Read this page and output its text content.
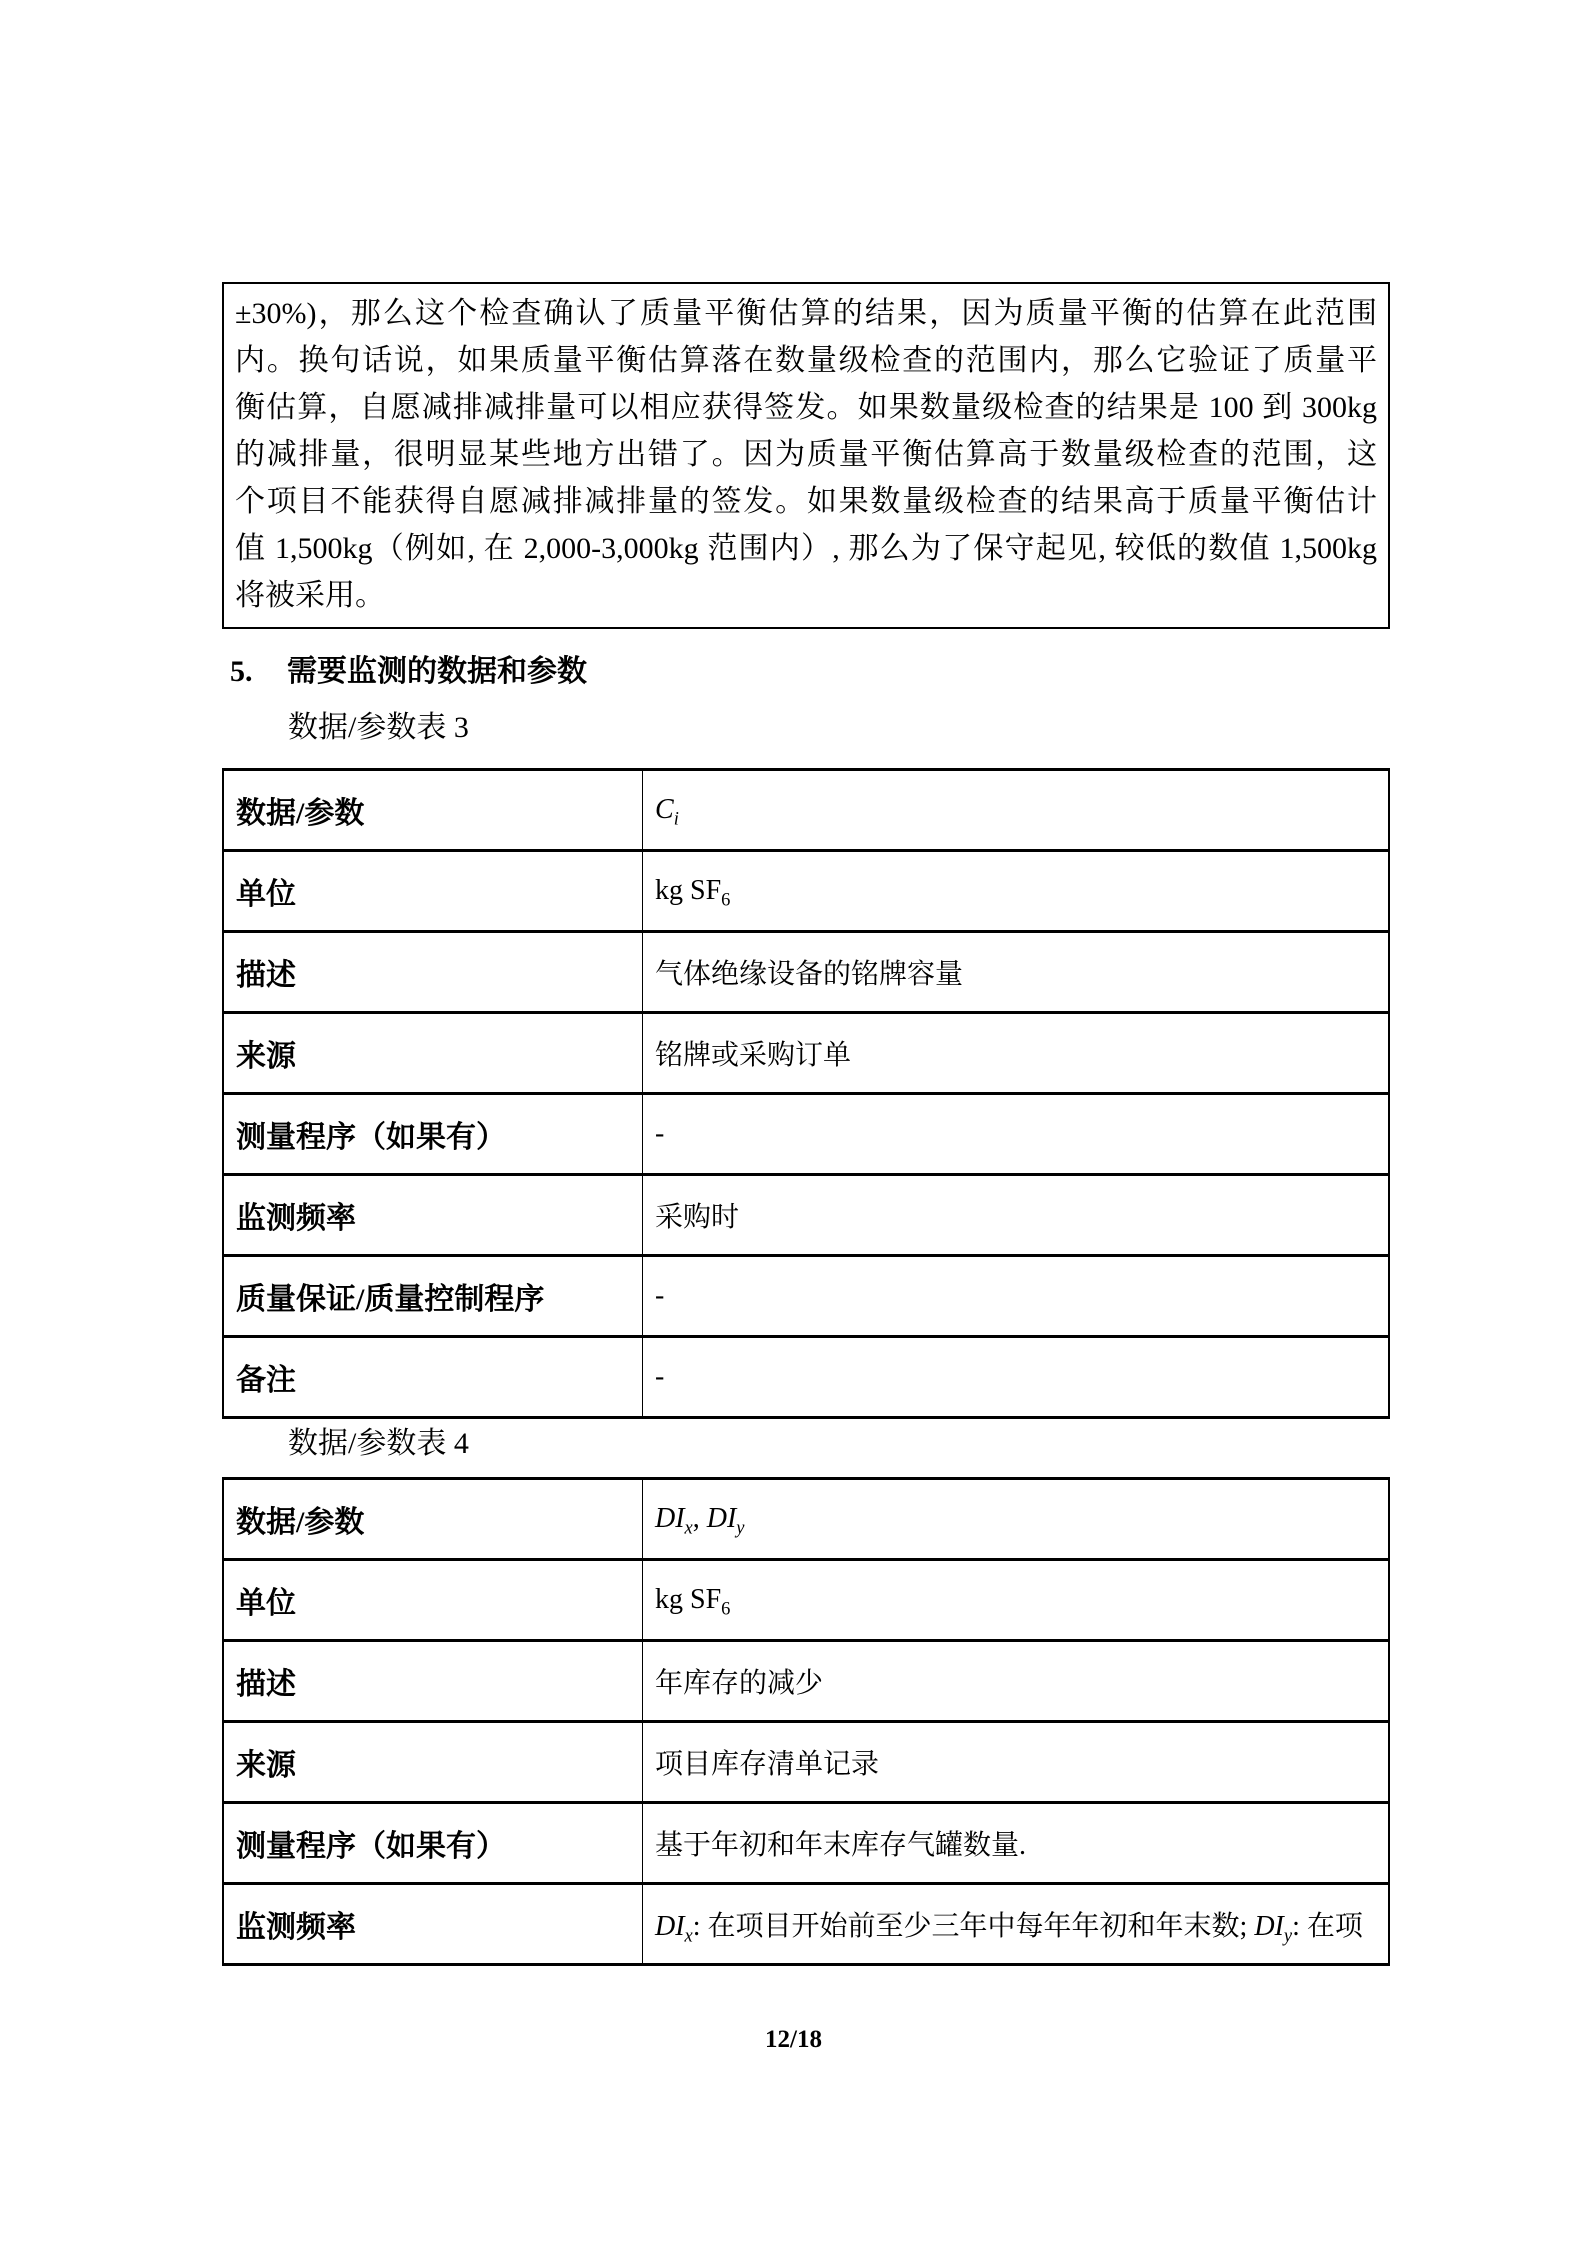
±30%)，那么这个检查确认了质量平衡估算的结果，因为质量平衡的估算在此范围
内。换句话说，如果质量平衡估算落在数量级检查的范围内，那么它验证了质量平
衡估算，自愿减排减排量可以相应获得签发。如果数量级检查的结果是 100 到 300kg
的减排量，很明显某些地方出错了。因为质量平衡估算高于数量级检查的范围，这
个项目不能获得自愿减排减排量的签发。如果数量级检查的结果高于质量平衡估计
值 1,500kg（例如, 在 2,000-3,000kg 范围内）, 那么为了保守起见, 较低的数值 1,500kg
将被采用。
5. 需要监测的数据和参数
数据/参数表 3
数据/参数	$C_i$
单位	kg $SF_6$
描述	气体绝缘设备的铭牌容量
来源	铭牌或采购订单
测量程序（如果有）	-
监测频率	采购时
质量保证/质量控制程序	-
备注	-
数据/参数表 4
数据/参数	$DI_x$, $DI_y$
单位	kg $SF_6$
描述	年库存的减少
来源	项目库存清单记录
测量程序（如果有）	基于年初和年末库存气罐数量.
监测频率	$DI_x$: 在项目开始前至少三年中每年年初和年末数; $DI_y$: 在项
12/18
